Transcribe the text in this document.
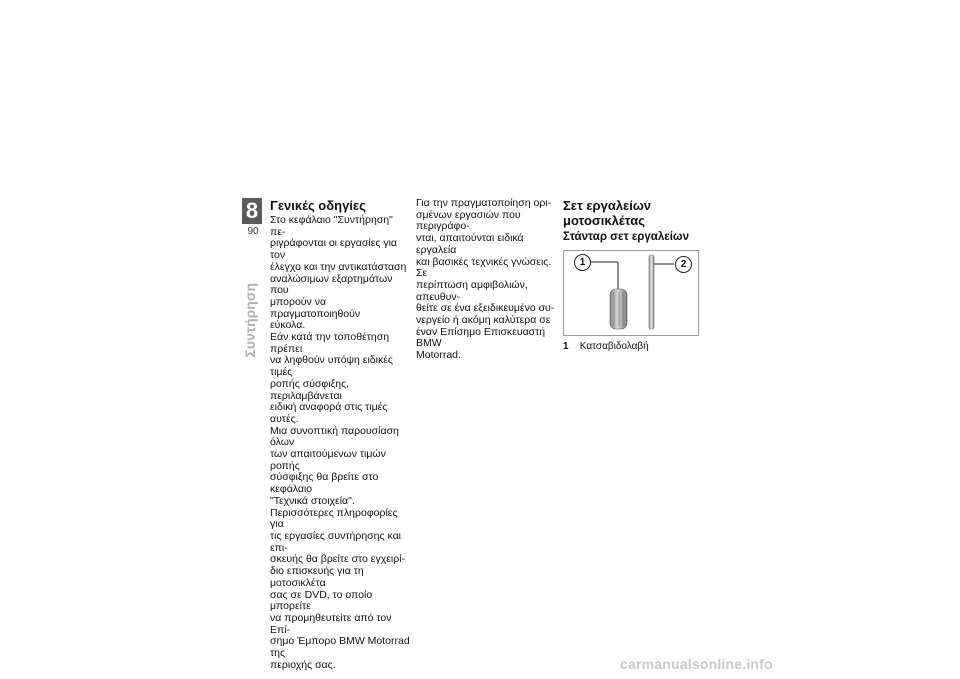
8
90
Συντήρηση
Γενικές οδηγίες

Στο κεφάλαιο "Συντήρηση" πε-
ριγράφονται οι εργασίες για τον
έλεγχο και την αντικατάσταση
αναλώσιμων εξαρτημάτων που
μπορούν να πραγματοποιηθούν
εύκολα.
Εάν κατά την τοποθέτηση πρέπει
να ληφθούν υπόψη ειδικές τιμές
ροπής σύσφιξης, περιλαμβάνεται
ειδική αναφορά στις τιμές αυτές.
Μια συνοπτική παρουσίαση όλων
των απαιτούμενων τιμών ροπής
σύσφιξης θα βρείτε στο κεφάλαιο
"Τεχνικά στοιχεία".
Περισσότερες πληροφορίες για
τις εργασίες συντήρησης και επι-
σκευής θα βρείτε στο εγχειρί-
διο επισκευής για τη μοτοσικλέτα
σας σε DVD, το οποίο μπορείτε
να προμηθευτείτε από τον Επί-
σημο Έμπορο BMW Motorrad της
περιοχής σας.

Για την πραγματοποίηση ορι-
σμένων εργασιών που περιγράφο-
νται, απαιτούνται ειδικά εργαλεία
και βασικές τεχνικές γνώσεις. Σε
περίπτωση αμφιβολιών, απευθυν-
θείτε σε ένα εξειδικευμένο συ-
νεργείο ή ακόμη καλύτερα σε
έναν Επίσημο Επισκευαστή BMW
Motorrad.

Σετ εργαλείων
μοτοσικλέτας
Στάνταρ σετ εργαλείων
1	2
1 Κατσαβιδολαβή
carmanualsonline.info
